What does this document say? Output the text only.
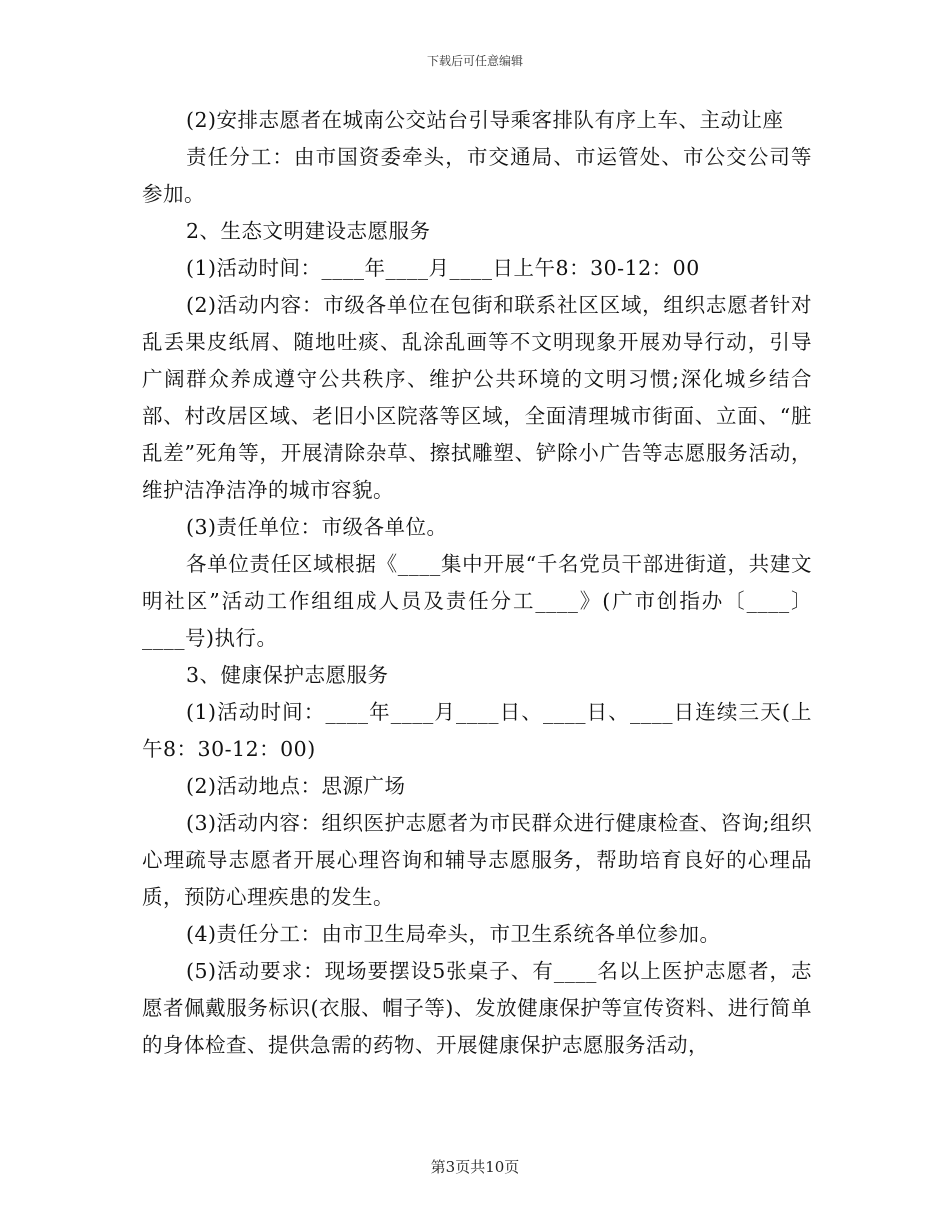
下载后可任意编辑

(2)安排志愿者在城南公交站台引导乘客排队有序上车、主动让座

责任分工：由市国资委牵头，市交通局、市运管处、市公交公司等参加。

2、生态文明建设志愿服务

(1)活动时间：____年____月____日上午8：30-12：00

(2)活动内容：市级各单位在包街和联系社区区域，组织志愿者针对乱丢果皮纸屑、随地吐痰、乱涂乱画等不文明现象开展劝导行动，引导广阔群众养成遵守公共秩序、维护公共环境的文明习惯;深化城乡结合部、村改居区域、老旧小区院落等区域，全面清理城市街面、立面、“脏乱差”死角等，开展清除杂草、擦拭雕塑、铲除小广告等志愿服务活动，维护洁净洁净的城市容貌。

(3)责任单位：市级各单位。

各单位责任区域根据《____集中开展“千名党员干部进街道，共建文明社区”活动工作组组成人员及责任分工____》(广市创指办〔____〕____号)执行。

3、健康保护志愿服务

(1)活动时间：____年____月____日、____日、____日连续三天(上午8：30-12：00)

(2)活动地点：思源广场

(3)活动内容：组织医护志愿者为市民群众进行健康检查、咨询;组织心理疏导志愿者开展心理咨询和辅导志愿服务，帮助培育良好的心理品质，预防心理疾患的发生。

(4)责任分工：由市卫生局牵头，市卫生系统各单位参加。

(5)活动要求：现场要摆设5张桌子、有____名以上医护志愿者，志愿者佩戴服务标识(衣服、帽子等)、发放健康保护等宣传资料、进行简单的身体检查、提供急需的药物、开展健康保护志愿服务活动，

第3页共10页
